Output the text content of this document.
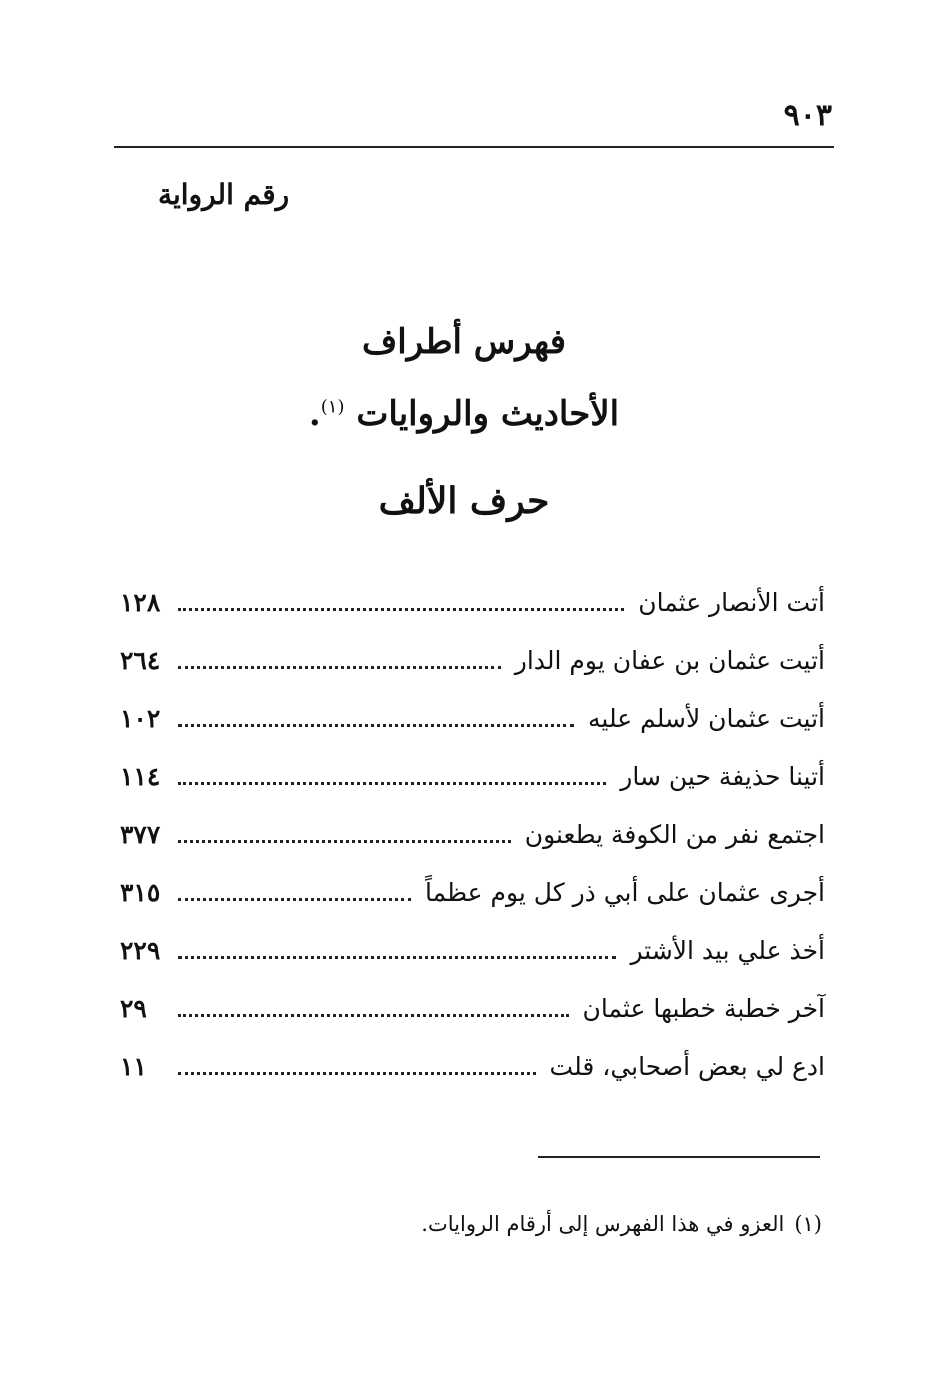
٩٠٣
رقم الرواية
فهرس أطراف
الأحاديث والروايات $^{(١)}$.
حرف الألف
أتت الأنصار عثمان
١٢٨
أتيت عثمان بن عفان يوم الدار
٢٦٤
أتيت عثمان لأسلم عليه
١٠٢
أتينا حذيفة حين سار
١١٤
اجتمع نفر من الكوفة يطعنون
٣٧٧
أجرى عثمان على أبي ذر كل يوم عظماً
٣١٥
أخذ علي بيد الأشتر
٢٢٩
آخر خطبة خطبها عثمان
٢٩
ادع لي بعض أصحابي، قلت
١١
(١)العزو في هذا الفهرس إلى أرقام الروايات.
